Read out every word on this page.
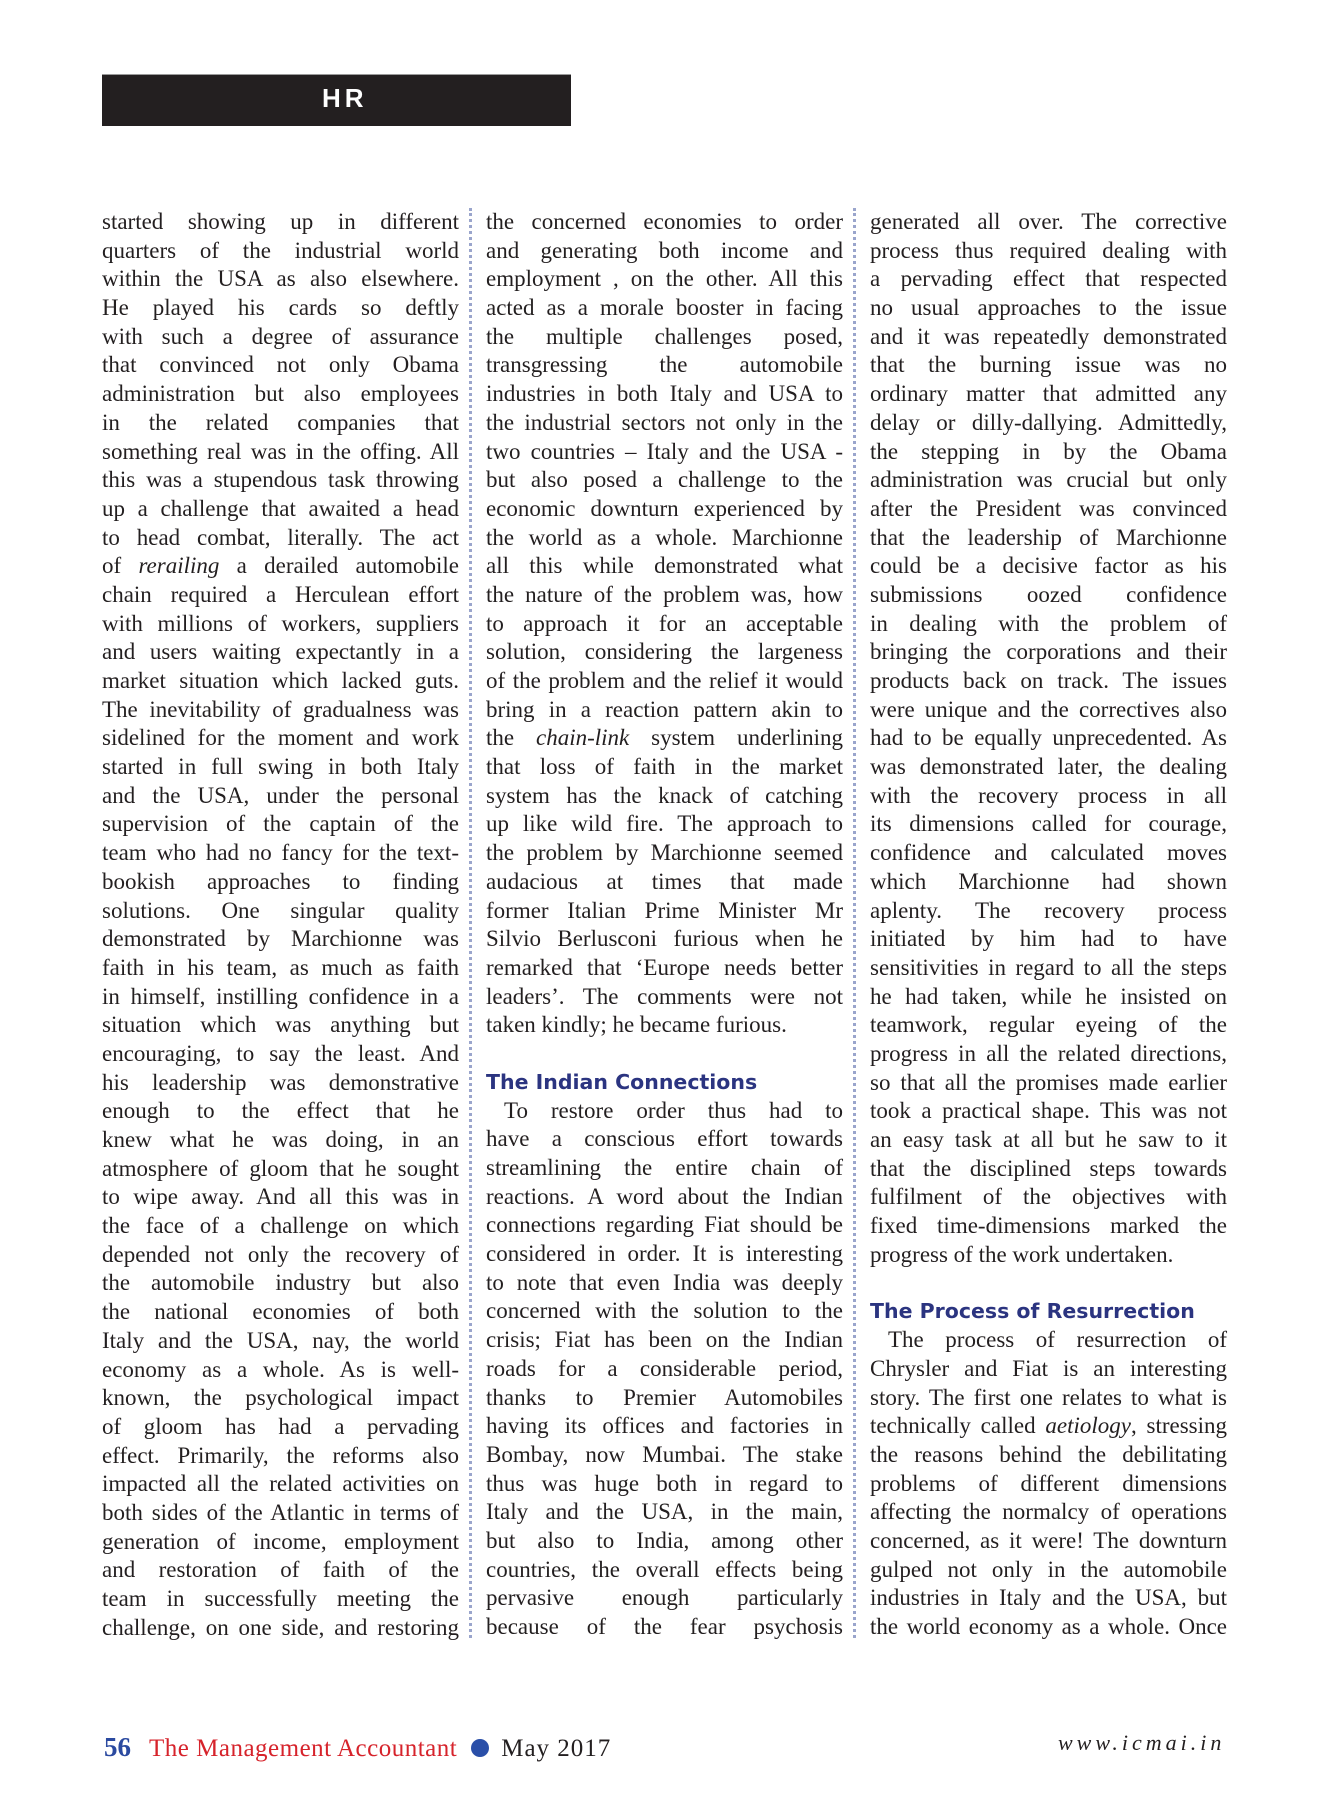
HR
started showing up in different
quarters of the industrial world
within the USA as also elsewhere.
He played his cards so deftly
with such a degree of assurance
that convinced not only Obama
administration but also employees
in the related companies that
something real was in the offing. All
this was a stupendous task throwing
up a challenge that awaited a head
to head combat, literally. The act
of rerailing a derailed automobile
chain required a Herculean effort
with millions of workers, suppliers
and users waiting expectantly in a
market situation which lacked guts.
The inevitability of gradualness was
sidelined for the moment and work
started in full swing in both Italy
and the USA, under the personal
supervision of the captain of the
team who had no fancy for the text-
bookish approaches to finding
solutions. One singular quality
demonstrated by Marchionne was
faith in his team, as much as faith
in himself, instilling confidence in a
situation which was anything but
encouraging, to say the least. And
his leadership was demonstrative
enough to the effect that he
knew what he was doing, in an
atmosphere of gloom that he sought
to wipe away. And all this was in
the face of a challenge on which
depended not only the recovery of
the automobile industry but also
the national economies of both
Italy and the USA, nay, the world
economy as a whole. As is well-
known, the psychological impact
of gloom has had a pervading
effect. Primarily, the reforms also
impacted all the related activities on
both sides of the Atlantic in terms of
generation of income, employment
and restoration of faith of the
team in successfully meeting the
challenge, on one side, and restoring
the concerned economies to order
and generating both income and
employment , on the other. All this
acted as a morale booster in facing
the multiple challenges posed,
transgressing the automobile
industries in both Italy and USA to
the industrial sectors not only in the
two countries – Italy and the USA -
but also posed a challenge to the
economic downturn experienced by
the world as a whole. Marchionne
all this while demonstrated what
the nature of the problem was, how
to approach it for an acceptable
solution, considering the largeness
of the problem and the relief it would
bring in a reaction pattern akin to
the chain-link system underlining
that loss of faith in the market
system has the knack of catching
up like wild fire. The approach to
the problem by Marchionne seemed
audacious at times that made
former Italian Prime Minister Mr
Silvio Berlusconi furious when he
remarked that ‘Europe needs better
leaders’. The comments were not
taken kindly; he became furious.
The Indian Connections
To restore order thus had to
have a conscious effort towards
streamlining the entire chain of
reactions. A word about the Indian
connections regarding Fiat should be
considered in order. It is interesting
to note that even India was deeply
concerned with the solution to the
crisis; Fiat has been on the Indian
roads for a considerable period,
thanks to Premier Automobiles
having its offices and factories in
Bombay, now Mumbai. The stake
thus was huge both in regard to
Italy and the USA, in the main,
but also to India, among other
countries, the overall effects being
pervasive enough particularly
because of the fear psychosis
generated all over. The corrective
process thus required dealing with
a pervading effect that respected
no usual approaches to the issue
and it was repeatedly demonstrated
that the burning issue was no
ordinary matter that admitted any
delay or dilly-dallying. Admittedly,
the stepping in by the Obama
administration was crucial but only
after the President was convinced
that the leadership of Marchionne
could be a decisive factor as his
submissions oozed confidence
in dealing with the problem of
bringing the corporations and their
products back on track. The issues
were unique and the correctives also
had to be equally unprecedented. As
was demonstrated later, the dealing
with the recovery process in all
its dimensions called for courage,
confidence and calculated moves
which Marchionne had shown
aplenty. The recovery process
initiated by him had to have
sensitivities in regard to all the steps
he had taken, while he insisted on
teamwork, regular eyeing of the
progress in all the related directions,
so that all the promises made earlier
took a practical shape. This was not
an easy task at all but he saw to it
that the disciplined steps towards
fulfilment of the objectives with
fixed time-dimensions marked the
progress of the work undertaken.
The Process of Resurrection
The process of resurrection of
Chrysler and Fiat is an interesting
story. The first one relates to what is
technically called aetiology, stressing
the reasons behind the debilitating
problems of different dimensions
affecting the normalcy of operations
concerned, as it were! The downturn
gulped not only in the automobile
industries in Italy and the USA, but
the world economy as a whole. Once
56 The Management Accountant May 2017	www.icmai.in
